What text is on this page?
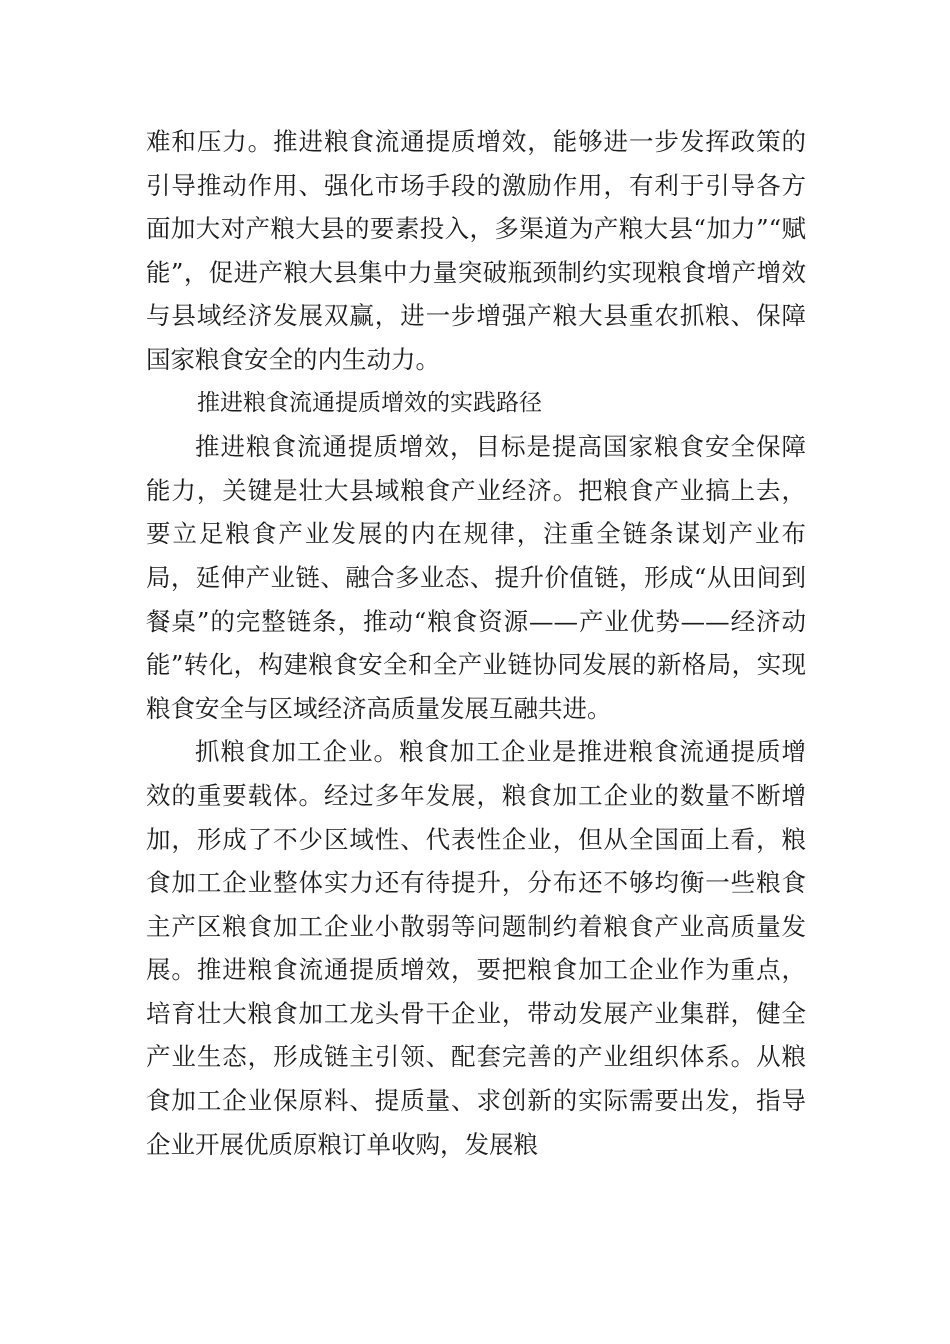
难和压力。推进粮食流通提质增效，能够进一步发挥政策的引导推动作用、强化市场手段的激励作用，有利于引导各方面加大对产粮大县的要素投入，多渠道为产粮大县“加力”“赋能”，促进产粮大县集中力量突破瓶颈制约实现粮食增产增效与县域经济发展双赢，进一步增强产粮大县重农抓粮、保障国家粮食安全的内生动力。

推进粮食流通提质增效的实践路径

推进粮食流通提质增效，目标是提高国家粮食安全保障能力，关键是壮大县域粮食产业经济。把粮食产业搞上去，要立足粮食产业发展的内在规律，注重全链条谋划产业布局，延伸产业链、融合多业态、提升价值链，形成“从田间到餐桌”的完整链条，推动“粮食资源——产业优势——经济动能”转化，构建粮食安全和全产业链协同发展的新格局，实现粮食安全与区域经济高质量发展互融共进。

抓粮食加工企业。粮食加工企业是推进粮食流通提质增效的重要载体。经过多年发展，粮食加工企业的数量不断增加，形成了不少区域性、代表性企业，但从全国面上看，粮食加工企业整体实力还有待提升，分布还不够均衡一些粮食主产区粮食加工企业小散弱等问题制约着粮食产业高质量发展。推进粮食流通提质增效，要把粮食加工企业作为重点，培育壮大粮食加工龙头骨干企业，带动发展产业集群，健全产业生态，形成链主引领、配套完善的产业组织体系。从粮食加工企业保原料、提质量、求创新的实际需要出发，指导企业开展优质原粮订单收购，发展粮
